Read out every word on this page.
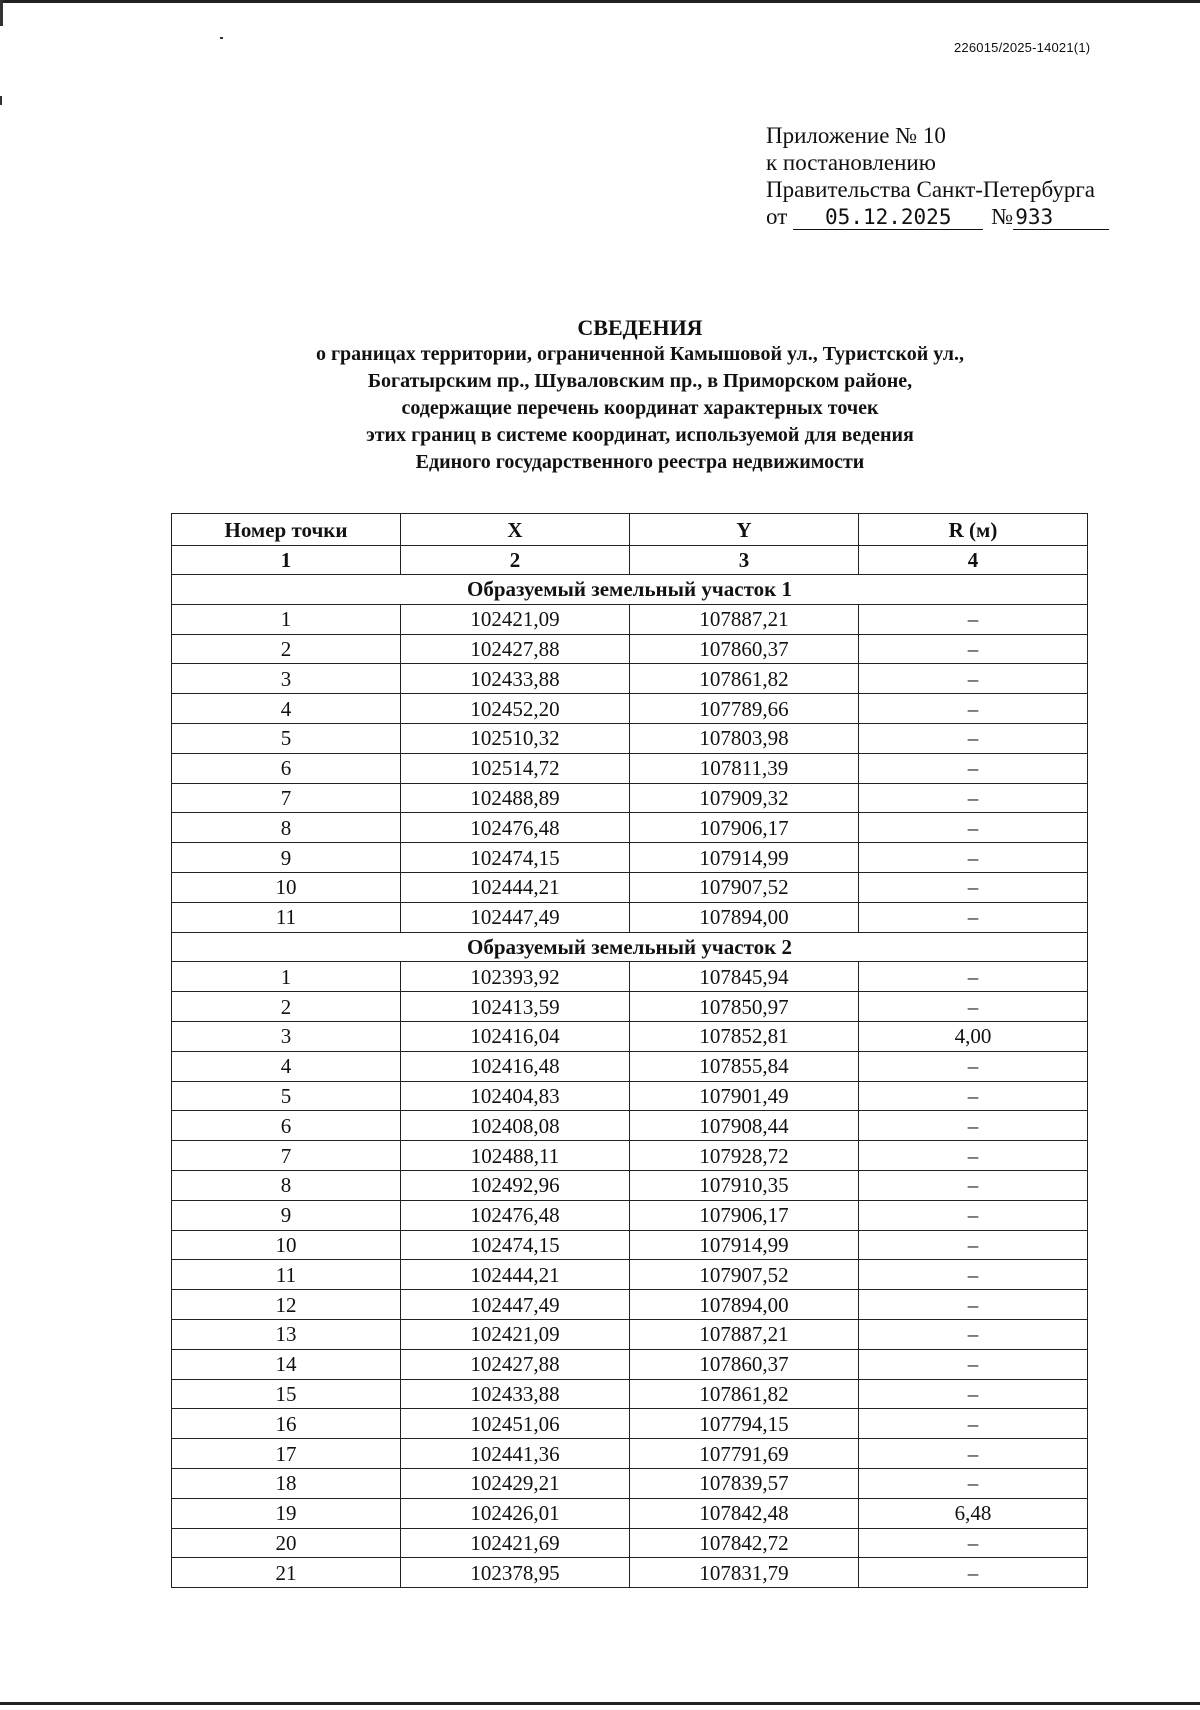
226015/2025-14021(1)
Приложение № 10
к постановлению
Правительства Санкт-Петербурга
от	05.12.2025	№ 933
СВЕДЕНИЯ
о границах территории, ограниченной Камышовой ул., Туристской ул.,
Богатырским пр., Шуваловским пр., в Приморском районе,
содержащие перечень координат характерных точек
этих границ в системе координат, используемой для ведения
Единого государственного реестра недвижимости
Номер точки	X	Y	R (м)
1	2	3	4
Образуемый земельный участок 1			
1	102421,09	107887,21	–
2	102427,88	107860,37	–
3	102433,88	107861,82	–
4	102452,20	107789,66	–
5	102510,32	107803,98	–
6	102514,72	107811,39	–
7	102488,89	107909,32	–
8	102476,48	107906,17	–
9	102474,15	107914,99	–
10	102444,21	107907,52	–
11	102447,49	107894,00	–
Образуемый земельный участок 2			
1	102393,92	107845,94	–
2	102413,59	107850,97	–
3	102416,04	107852,81	4,00
4	102416,48	107855,84	–
5	102404,83	107901,49	–
6	102408,08	107908,44	–
7	102488,11	107928,72	–
8	102492,96	107910,35	–
9	102476,48	107906,17	–
10	102474,15	107914,99	–
11	102444,21	107907,52	–
12	102447,49	107894,00	–
13	102421,09	107887,21	–
14	102427,88	107860,37	–
15	102433,88	107861,82	–
16	102451,06	107794,15	–
17	102441,36	107791,69	–
18	102429,21	107839,57	–
19	102426,01	107842,48	6,48
20	102421,69	107842,72	–
21	102378,95	107831,79	–
